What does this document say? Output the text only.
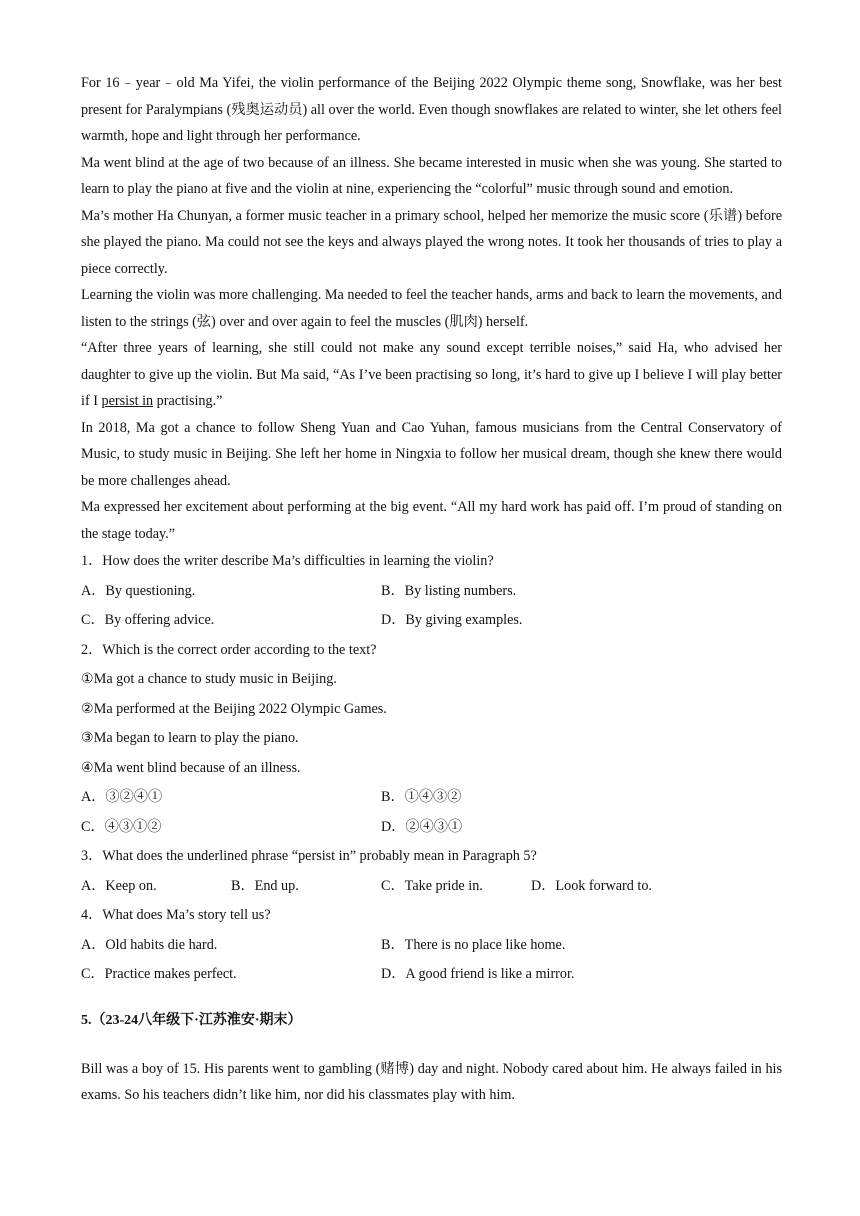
For 16﹣year﹣old Ma Yifei, the violin performance of the Beijing 2022 Olympic theme song, Snowflake, was her best present for Paralympians (残奥运动员) all over the world. Even though snowflakes are related to winter, she let others feel warmth, hope and light through her performance.

Ma went blind at the age of two because of an illness. She became interested in music when she was young. She started to learn to play the piano at five and the violin at nine, experiencing the “colorful” music through sound and emotion.

Ma’s mother Ha Chunyan, a former music teacher in a primary school, helped her memorize the music score (乐谱) before she played the piano. Ma could not see the keys and always played the wrong notes. It took her thousands of tries to play a piece correctly.

Learning the violin was more challenging. Ma needed to feel the teacher hands, arms and back to learn the movements, and listen to the strings (弦) over and over again to feel the muscles (肌肉) herself.

“After three years of learning, she still could not make any sound except terrible noises,” said Ha, who advised her daughter to give up the violin. But Ma said, “As I’ve been practising so long, it’s hard to give up I believe I will play better if I persist in practising.”

In 2018, Ma got a chance to follow Sheng Yuan and Cao Yuhan, famous musicians from the Central Conservatory of Music, to study music in Beijing. She left her home in Ningxia to follow her musical dream, though she knew there would be more challenges ahead.

Ma expressed her excitement about performing at the big event. “All my hard work has paid off. I’m proud of standing on the stage today.”

1．How does the writer describe Ma’s difficulties in learning the violin?

A．By questioning.	B．By listing numbers.
C．By offering advice.	D．By giving examples.

2．Which is the correct order according to the text?

①Ma got a chance to study music in Beijing.

②Ma performed at the Beijing 2022 Olympic Games.

③Ma began to learn to play the piano.

④Ma went blind because of an illness.

A．③②④①	B．①④③②
C．④③①②	D．②④③①

3．What does the underlined phrase “persist in” probably mean in Paragraph 5?

A．Keep on.	B．End up.	C．Take pride in.	D．Look forward to.

4．What does Ma’s story tell us?

A．Old habits die hard.	B．There is no place like home.
C．Practice makes perfect.	D．A good friend is like a mirror.

5.（23-24八年级下·江苏淮安·期末）

Bill was a boy of 15. His parents went to gambling (赌博) day and night. Nobody cared about him. He always failed in his exams. So his teachers didn’t like him, nor did his classmates play with him.
